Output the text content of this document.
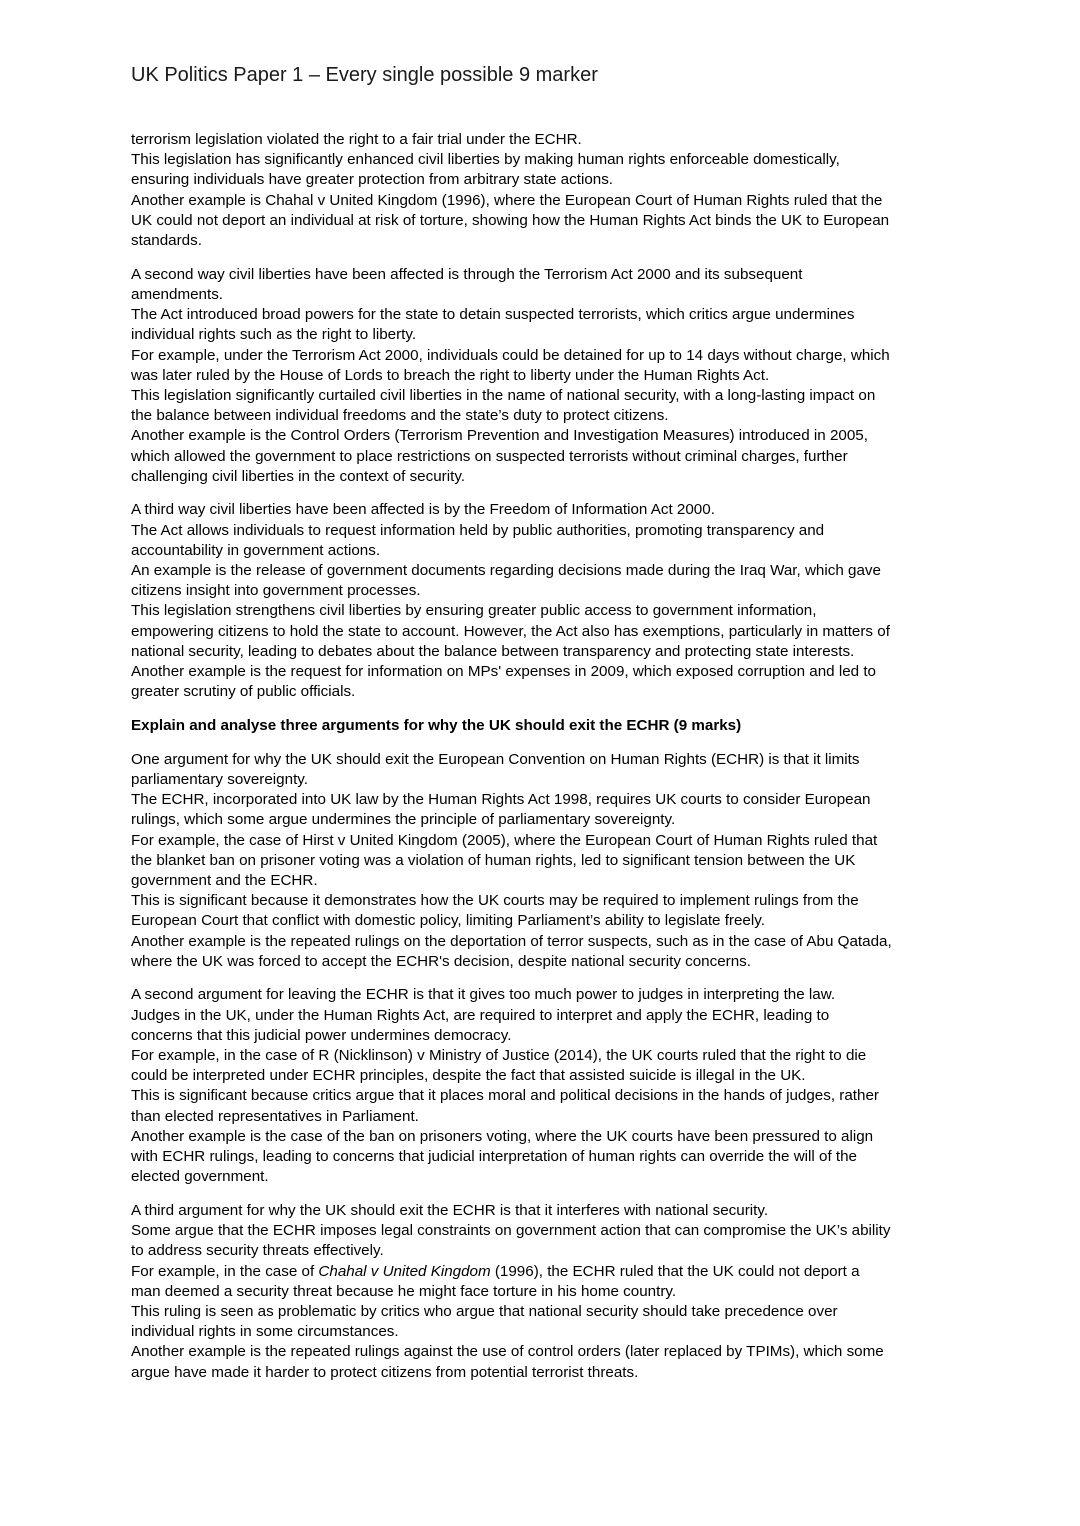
UK Politics Paper 1 – Every single possible 9 marker
terrorism legislation violated the right to a fair trial under the ECHR.
This legislation has significantly enhanced civil liberties by making human rights enforceable domestically,
ensuring individuals have greater protection from arbitrary state actions.
Another example is Chahal v United Kingdom (1996), where the European Court of Human Rights ruled that the
UK could not deport an individual at risk of torture, showing how the Human Rights Act binds the UK to European
standards.
A second way civil liberties have been affected is through the Terrorism Act 2000 and its subsequent
amendments.
The Act introduced broad powers for the state to detain suspected terrorists, which critics argue undermines
individual rights such as the right to liberty.
For example, under the Terrorism Act 2000, individuals could be detained for up to 14 days without charge, which
was later ruled by the House of Lords to breach the right to liberty under the Human Rights Act.
This legislation significantly curtailed civil liberties in the name of national security, with a long-lasting impact on
the balance between individual freedoms and the state’s duty to protect citizens.
Another example is the Control Orders (Terrorism Prevention and Investigation Measures) introduced in 2005,
which allowed the government to place restrictions on suspected terrorists without criminal charges, further
challenging civil liberties in the context of security.
A third way civil liberties have been affected is by the Freedom of Information Act 2000.
The Act allows individuals to request information held by public authorities, promoting transparency and
accountability in government actions.
An example is the release of government documents regarding decisions made during the Iraq War, which gave
citizens insight into government processes.
This legislation strengthens civil liberties by ensuring greater public access to government information,
empowering citizens to hold the state to account. However, the Act also has exemptions, particularly in matters of
national security, leading to debates about the balance between transparency and protecting state interests.
Another example is the request for information on MPs' expenses in 2009, which exposed corruption and led to
greater scrutiny of public officials.
Explain and analyse three arguments for why the UK should exit the ECHR (9 marks)
One argument for why the UK should exit the European Convention on Human Rights (ECHR) is that it limits
parliamentary sovereignty.
The ECHR, incorporated into UK law by the Human Rights Act 1998, requires UK courts to consider European
rulings, which some argue undermines the principle of parliamentary sovereignty.
For example, the case of Hirst v United Kingdom (2005), where the European Court of Human Rights ruled that
the blanket ban on prisoner voting was a violation of human rights, led to significant tension between the UK
government and the ECHR.
This is significant because it demonstrates how the UK courts may be required to implement rulings from the
European Court that conflict with domestic policy, limiting Parliament’s ability to legislate freely.
Another example is the repeated rulings on the deportation of terror suspects, such as in the case of Abu Qatada,
where the UK was forced to accept the ECHR's decision, despite national security concerns.
A second argument for leaving the ECHR is that it gives too much power to judges in interpreting the law.
Judges in the UK, under the Human Rights Act, are required to interpret and apply the ECHR, leading to
concerns that this judicial power undermines democracy.
For example, in the case of R (Nicklinson) v Ministry of Justice (2014), the UK courts ruled that the right to die
could be interpreted under ECHR principles, despite the fact that assisted suicide is illegal in the UK.
This is significant because critics argue that it places moral and political decisions in the hands of judges, rather
than elected representatives in Parliament.
Another example is the case of the ban on prisoners voting, where the UK courts have been pressured to align
with ECHR rulings, leading to concerns that judicial interpretation of human rights can override the will of the
elected government.
A third argument for why the UK should exit the ECHR is that it interferes with national security.
Some argue that the ECHR imposes legal constraints on government action that can compromise the UK’s ability
to address security threats effectively.
For example, in the case of Chahal v United Kingdom (1996), the ECHR ruled that the UK could not deport a
man deemed a security threat because he might face torture in his home country.
This ruling is seen as problematic by critics who argue that national security should take precedence over
individual rights in some circumstances.
Another example is the repeated rulings against the use of control orders (later replaced by TPIMs), which some
argue have made it harder to protect citizens from potential terrorist threats.
